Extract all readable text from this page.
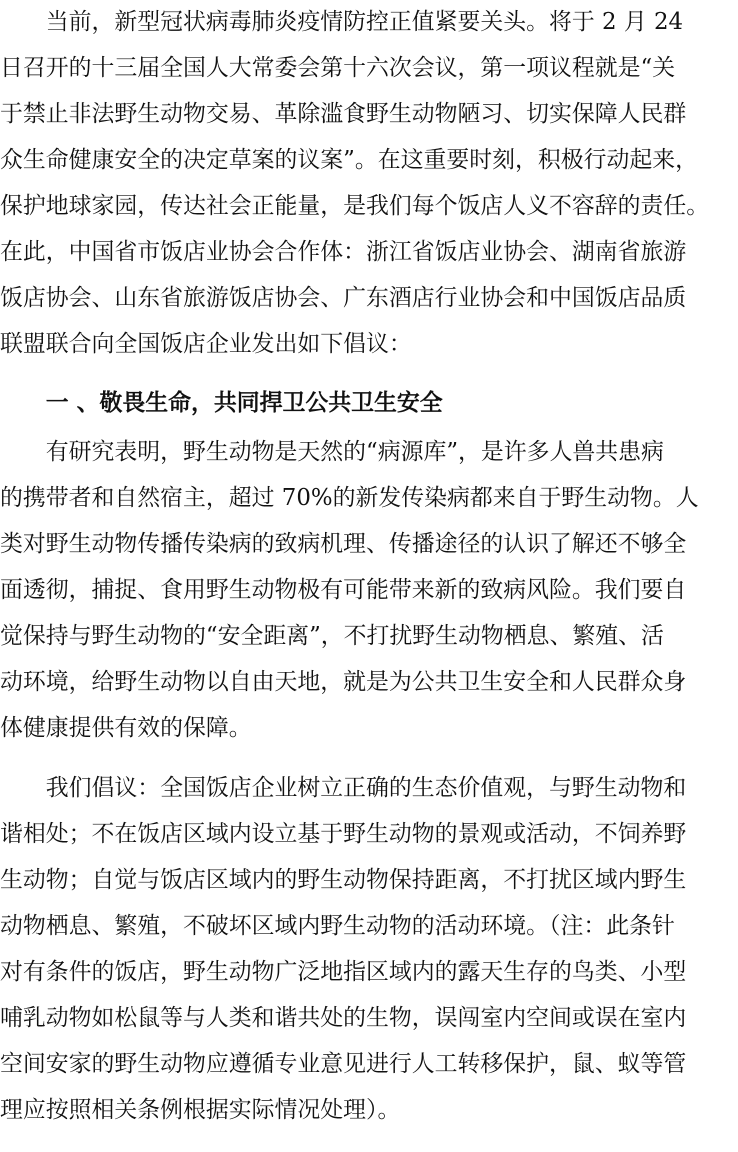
　　当前，新型冠状病毒肺炎疫情防控正值紧要关头。将于 2 月 24
日召开的十三届全国人大常委会第十六次会议，第一项议程就是“关
于禁止非法野生动物交易、革除滥食野生动物陋习、切实保障人民群
众生命健康安全的决定草案的议案”。在这重要时刻，积极行动起来，
保护地球家园，传达社会正能量，是我们每个饭店人义不容辞的责任。
在此，中国省市饭店业协会合作体：浙江省饭店业协会、湖南省旅游
饭店协会、山东省旅游饭店协会、广东酒店行业协会和中国饭店品质
联盟联合向全国饭店企业发出如下倡议：
　　一 、敬畏生命，共同捍卫公共卫生安全
　　有研究表明，野生动物是天然的“病源库”，是许多人兽共患病
的携带者和自然宿主，超过 70%的新发传染病都来自于野生动物。人
类对野生动物传播传染病的致病机理、传播途径的认识了解还不够全
面透彻，捕捉、食用野生动物极有可能带来新的致病风险。我们要自
觉保持与野生动物的“安全距离”，不打扰野生动物栖息、繁殖、活
动环境，给野生动物以自由天地，就是为公共卫生安全和人民群众身
体健康提供有效的保障。
　　我们倡议：全国饭店企业树立正确的生态价值观，与野生动物和
谐相处；不在饭店区域内设立基于野生动物的景观或活动，不饲养野
生动物；自觉与饭店区域内的野生动物保持距离，不打扰区域内野生
动物栖息、繁殖，不破坏区域内野生动物的活动环境。（注：此条针
对有条件的饭店，野生动物广泛地指区域内的露天生存的鸟类、小型
哺乳动物如松鼠等与人类和谐共处的生物，误闯室内空间或误在室内
空间安家的野生动物应遵循专业意见进行人工转移保护，鼠、蚁等管
理应按照相关条例根据实际情况处理）。
